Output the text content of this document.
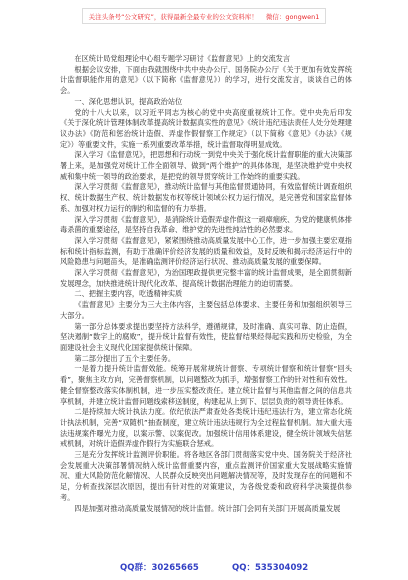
关注头条号“公文研究”，获得最新全最专业的公文资料库！ 微信：gongwen1

在区统计局党组理论中心组专题学习研讨《监督意见》上的交流发言

根据会议安排，下面由我就围绕中共中央办公厅、国务院办公厅《关于更加有效发挥统计监督职能作用的意见》（以下简称《监督意见》）的学习，进行交流发言，谈谈自己的体会。

一、深化思想认识，提高政治站位

党的十八大以来，以习近平同志为核心的党中央高度重视统计工作。党中央先后印发《关于深化统计管理体制改革提高统计数据真实性的意见》《统计违纪违法责任人处分处理建议办法》《防范和惩治统计造假、弄虚作假督察工作规定》（以下简称《意见》《办法》《规定》）等重要文件，实施一系列重要改革举措，统计监督取得明显成效。

深入学习《监督意见》，把思想和行动统一到党中央关于强化统计监督职能的重大决策部署上来，是加强党对统计工作全面领导、做到“两个维护”的具体体现，是坚决维护党中央权威和集中统一领导的政治要求，是把党的领导贯穿统计工作始终的重要实践。

深入学习贯彻《监督意见》，推动统计监督与其他监督贯通协同，有效监督统计调查组织权、统计数据生产权、统计数据发布权等统计领域公权力运行情况，是完善党和国家监督体系、加强对权力运行的制约和监督的有力举措。

深入学习贯彻《监督意见》，是消除统计造假弄虚作假这一顽瘴痼疾、为党的健康机体排毒杀菌的重要途径，是坚持自我革命、维护党的先进性纯洁性的必然要求。

深入学习贯彻《监督意见》，紧紧围绕推动高质量发展中心工作，进一步加强主要宏观指标和统计指标监测，有助于准确评价经济发展的质量和效益，及时反映和揭示经济运行中的风险隐患与问题苗头，是准确监测评价经济运行状况、推动高质量发展的重要保障。

深入学习贯彻《监督意见》，为治国理政提供更完整丰富的统计监督成果，是全面贯彻新发展理念，加快推进统计现代化改革、提高统计数据治理能力的迫切需要。

二、把握主要内容，吃透精神实质

《监督意见》主要分为三大主体内容，主要包括总体要求、主要任务和加强组织领导三大部分。

第一部分总体要求提出要坚持方法科学，遵循规律，及时准确、真实可靠、防止造假，坚决遏制“数字上的腐败”，提升统计监督有效性，使监督结果经得起实践和历史检验，为全面建设社会主义现代化国家提供统计保障。

第二部分提出了五个主要任务。

一是着力提升统计监督效能。统筹开展常规统计督察、专项统计督察和统计督察“回头看”，聚焦主攻方向，完善督察机制，以问题整改为抓手，增强督察工作的针对性和有效性。健全督察整改落实体制机制，进一步压实整改责任。建立统计监督与其他监督之间的信息共享机制，并建立统计监督问题线索移送制度，构建起从上到下、层层负责的领导责任体系。

二是持续加大统计执法力度。依纪依法严肃查处各类统计违纪违法行为，建立常态化统计执法机制，完善“双随机”抽查制度，建立统计违法违规行为全过程监督机制。加大重大违法违规案件曝光力度，以案示警、以案促改。加强统计信用体系建设，健全统计领域失信惩戒机制，对统计造假弄虚作假行为实施联合惩戒。

三是充分发挥统计监测评价职能。将各地区各部门贯彻落实党中央、国务院关于经济社会发展重大决策部署情况纳入统计监督重要内容，重点监测评价国家重大发展战略实施情况、重大风险防范化解情况、人民群众反映突出问题解决情况等，及时发现存在的问题和不足，分析查找深层次原因，提出有针对性的对策建议，为各级党委和政府科学决策提供参考。

四是加强对推动高质量发展情况的统计监督。统计部门会同有关部门开展高质量发展

QQ群：30265665	QQ：535304092
